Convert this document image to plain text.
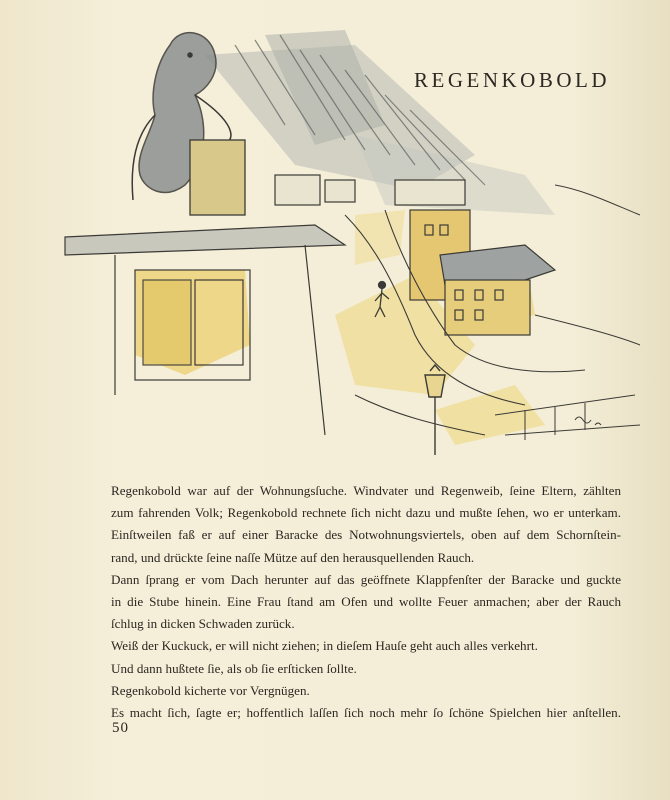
REGENKOBOLD
Regenkobold war auf der Wohnungsſuche. Windvater und Regenweib, ſeine Eltern, zählten
zum fahrenden Volk; Regenkobold rechnete ſich nicht dazu und mußte ſehen, wo er unterkam.
Einſtweilen faß er auf einer Baracke des Notwohnungsviertels, oben auf dem Schornſtein-
rand, und drückte ſeine naſſe Mütze auf den herausquellenden Rauch.
Dann ſprang er vom Dach herunter auf das geöffnete Klappfenſter der Baracke und guckte
in die Stube hinein. Eine Frau ſtand am Ofen und wollte Feuer anmachen; aber der Rauch
ſchlug in dicken Schwaden zurück.
Weiß der Kuckuck, er will nicht ziehen; in dieſem Hauſe geht auch alles verkehrt.
Und dann hußtete ſie, als ob ſie erſticken ſollte.
Regenkobold kicherte vor Vergnügen.
Es macht ſich, ſagte er; hoffentlich laſſen ſich noch mehr ſo ſchöne Spielchen hier anſtellen.
50
